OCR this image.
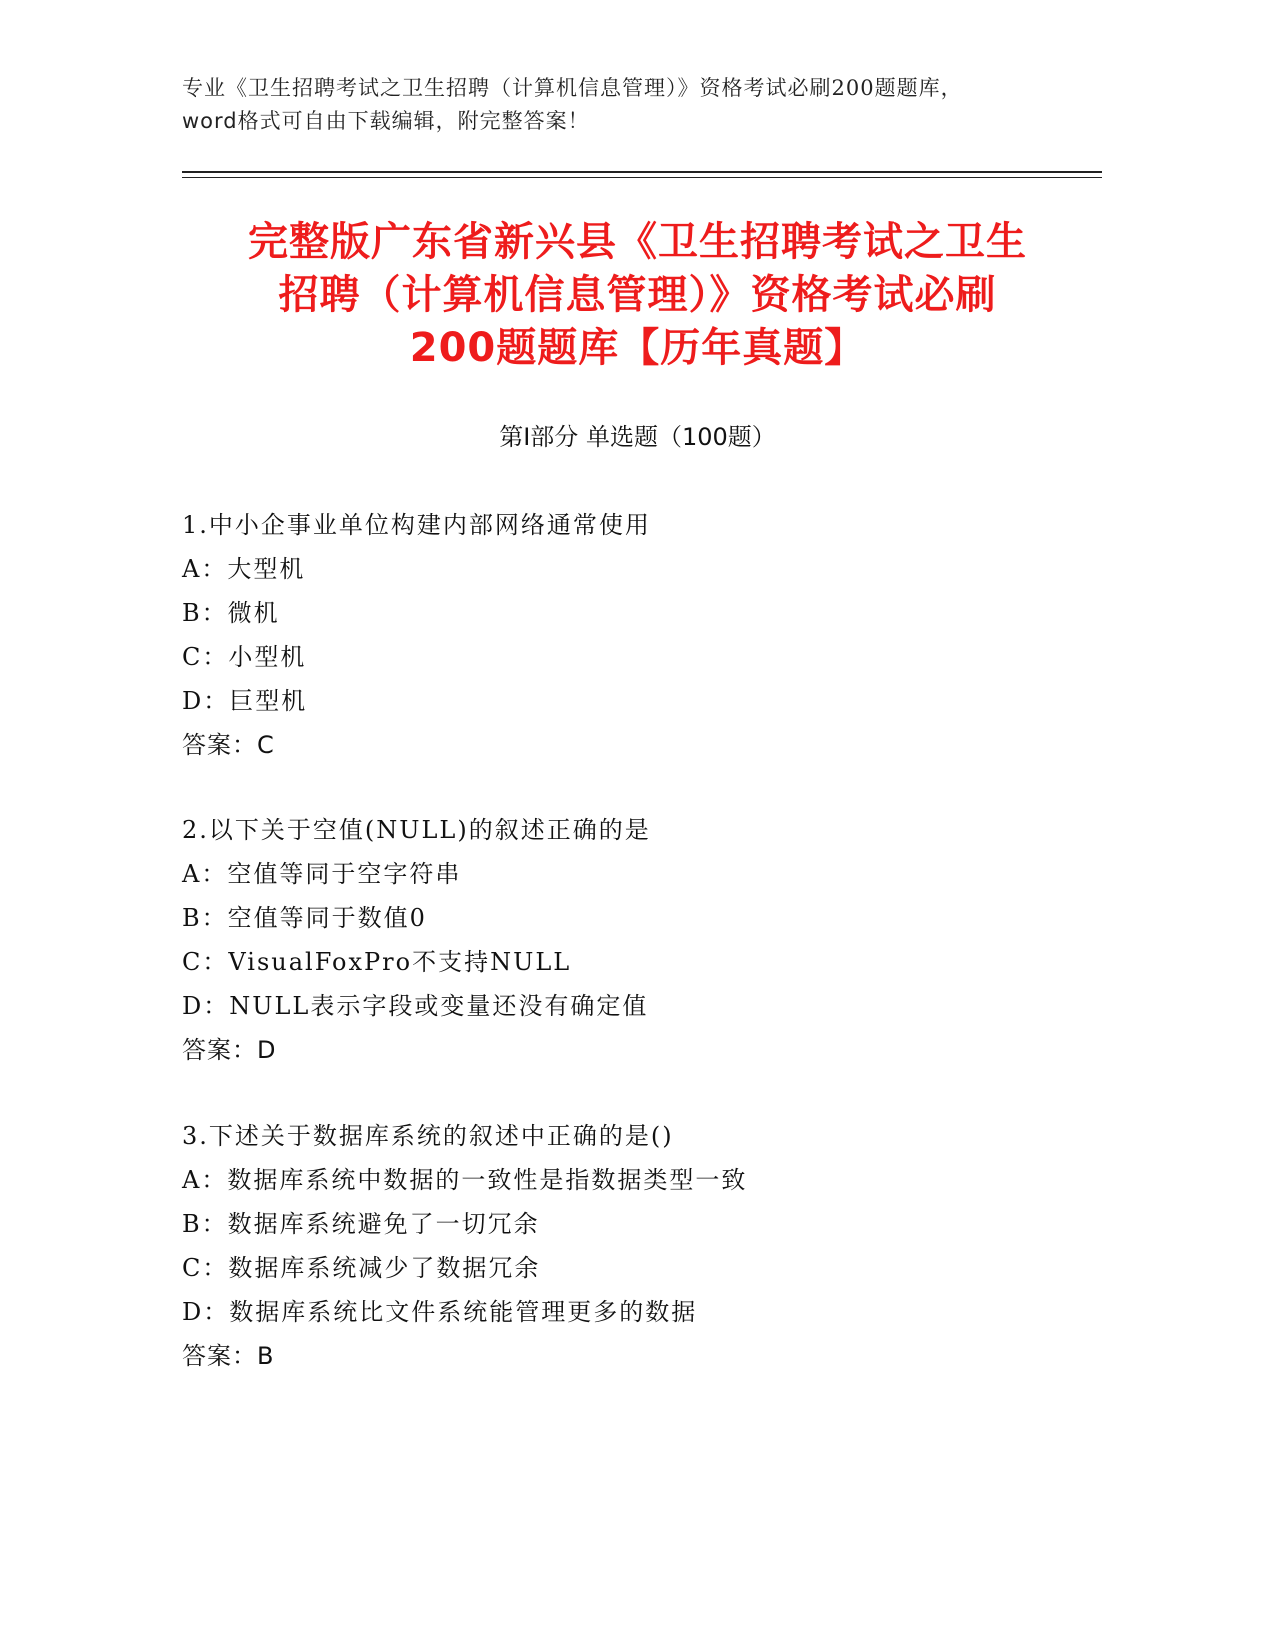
专业《卫生招聘考试之卫生招聘（计算机信息管理）》资格考试必刷200题题库，
word格式可自由下载编辑，附完整答案！
完整版广东省新兴县《卫生招聘考试之卫生
招聘（计算机信息管理）》资格考试必刷
200题题库【历年真题】
第Ⅰ部分 单选题（100题）
1.中小企事业单位构建内部网络通常使用
A：大型机
B：微机
C：小型机
D：巨型机
答案：C
2.以下关于空值(NULL)的叙述正确的是
A：空值等同于空字符串
B：空值等同于数值0
C：VisualFoxPro不支持NULL
D：NULL表示字段或变量还没有确定值
答案：D
3.下述关于数据库系统的叙述中正确的是()
A：数据库系统中数据的一致性是指数据类型一致
B：数据库系统避免了一切冗余
C：数据库系统减少了数据冗余
D：数据库系统比文件系统能管理更多的数据
答案：B
